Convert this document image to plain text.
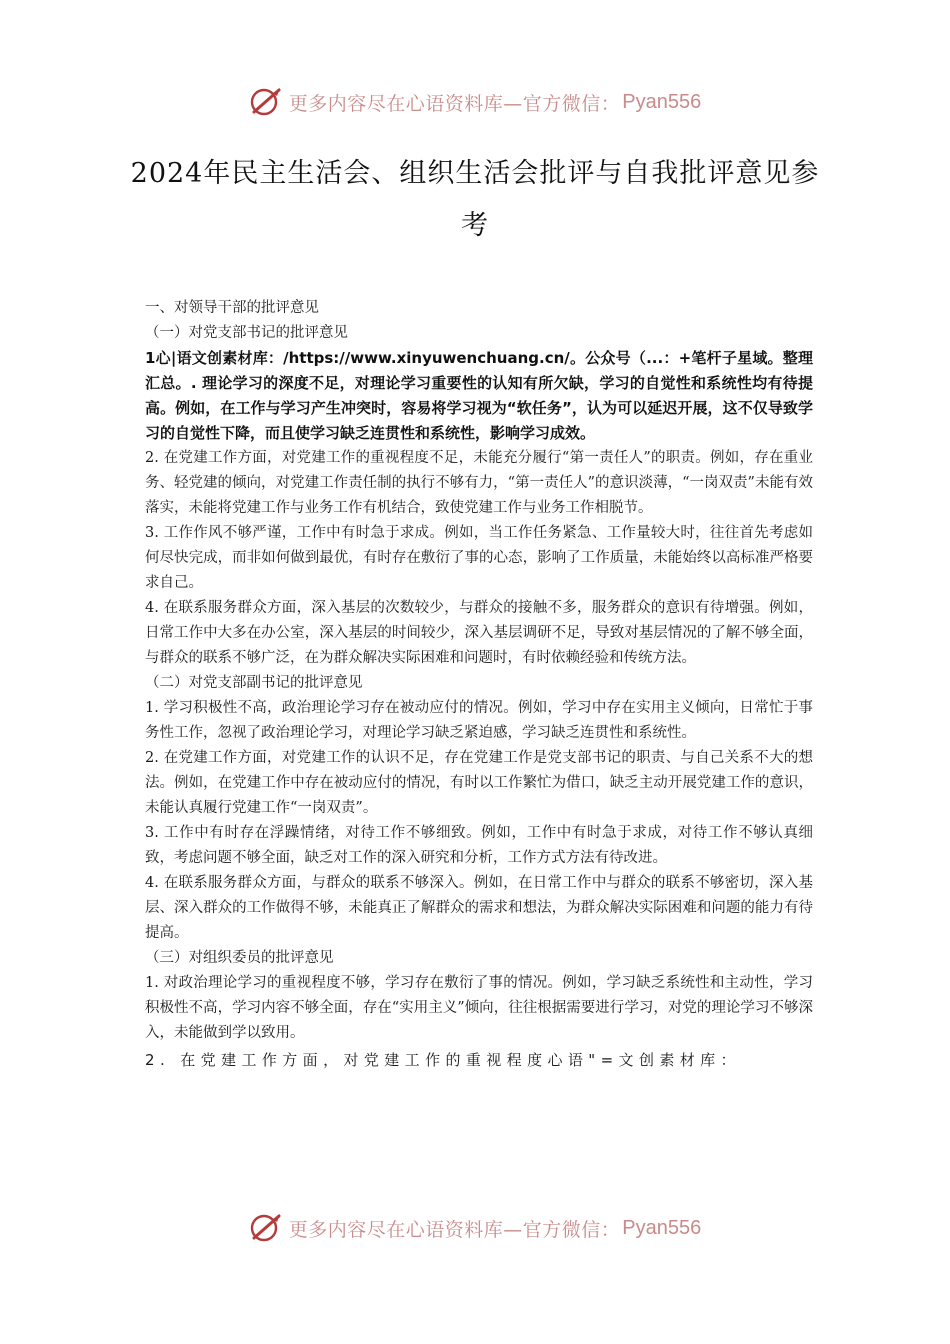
更多内容尽在心语资料库—官方微信： Pyan556
2024年民主生活会、组织生活会批评与自我批评意见参考

一、对领导干部的批评意见

（一）对党支部书记的批评意见

1心|语文创素材库：/https://www.xinyuwenchuang.cn/。公众号（...：+笔杆子星域。整理汇总。. 理论学习的深度不足，对理论学习重要性的认知有所欠缺，学习的自觉性和系统性均有待提高。例如，在工作与学习产生冲突时，容易将学习视为“软任务”，认为可以延迟开展，这不仅导致学习的自觉性下降，而且使学习缺乏连贯性和系统性，影响学习成效。

2. 在党建工作方面，对党建工作的重视程度不足，未能充分履行“第一责任人”的职责。例如，存在重业务、轻党建的倾向，对党建工作责任制的执行不够有力，“第一责任人”的意识淡薄，“一岗双责”未能有效落实，未能将党建工作与业务工作有机结合，致使党建工作与业务工作相脱节。

3. 工作作风不够严谨，工作中有时急于求成。例如，当工作任务紧急、工作量较大时，往往首先考虑如何尽快完成，而非如何做到最优，有时存在敷衍了事的心态，影响了工作质量，未能始终以高标准严格要求自己。

4. 在联系服务群众方面，深入基层的次数较少，与群众的接触不多，服务群众的意识有待增强。例如，日常工作中大多在办公室，深入基层的时间较少，深入基层调研不足，导致对基层情况的了解不够全面，与群众的联系不够广泛，在为群众解决实际困难和问题时，有时依赖经验和传统方法。

（二）对党支部副书记的批评意见

1. 学习积极性不高，政治理论学习存在被动应付的情况。例如，学习中存在实用主义倾向，日常忙于事务性工作，忽视了政治理论学习，对理论学习缺乏紧迫感，学习缺乏连贯性和系统性。

2. 在党建工作方面，对党建工作的认识不足，存在党建工作是党支部书记的职责、与自己关系不大的想法。例如，在党建工作中存在被动应付的情况，有时以工作繁忙为借口，缺乏主动开展党建工作的意识，未能认真履行党建工作“一岗双责”。

3. 工作中有时存在浮躁情绪，对待工作不够细致。例如，工作中有时急于求成，对待工作不够认真细致，考虑问题不够全面，缺乏对工作的深入研究和分析，工作方式方法有待改进。

4. 在联系服务群众方面，与群众的联系不够深入。例如，在日常工作中与群众的联系不够密切，深入基层、深入群众的工作做得不够，未能真正了解群众的需求和想法，为群众解决实际困难和问题的能力有待提高。

（三）对组织委员的批评意见

1. 对政治理论学习的重视程度不够，学习存在敷衍了事的情况。例如，学习缺乏系统性和主动性，学习积极性不高，学习内容不够全面，存在“实用主义”倾向，往往根据需要进行学习，对党的理论学习不够深入，未能做到学以致用。

2. 在党建工作方面，对党建工作的重视程度心语"=文创素材库：

更多内容尽在心语资料库—官方微信： Pyan556
